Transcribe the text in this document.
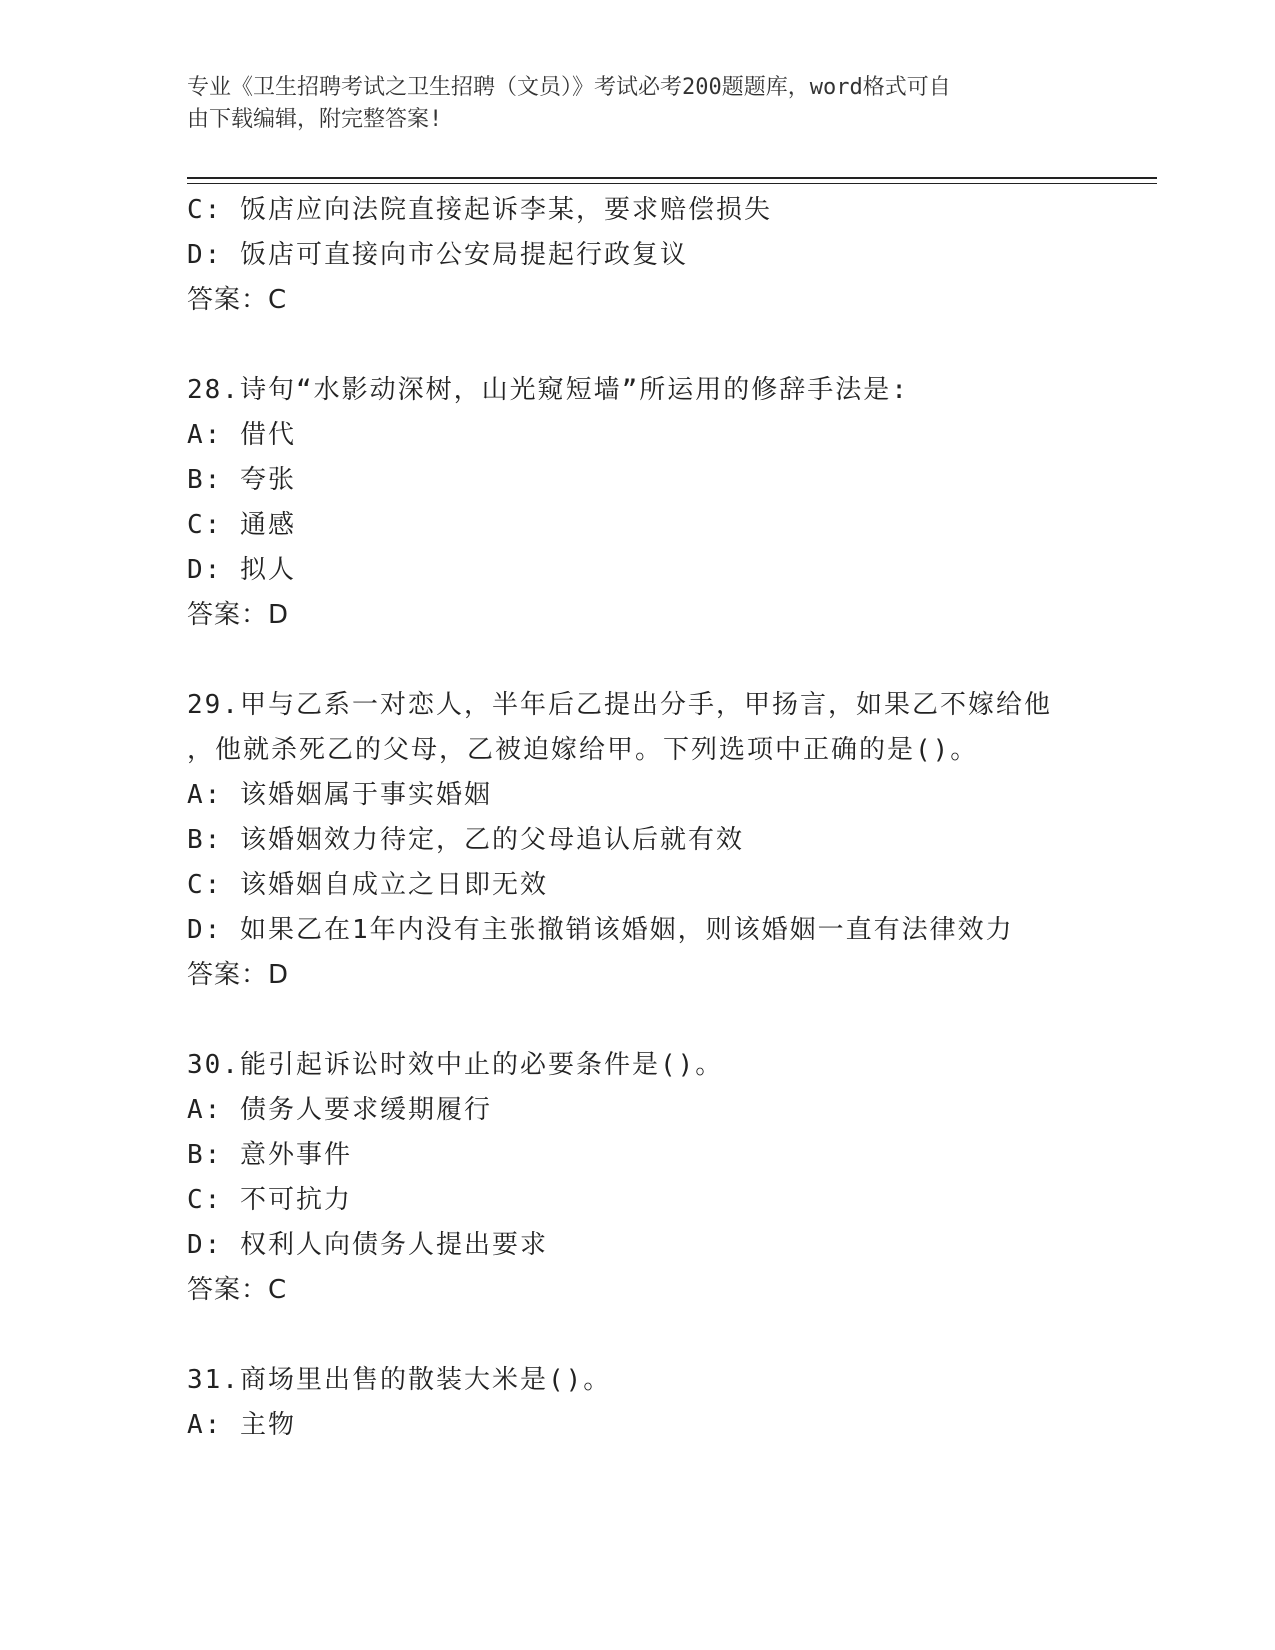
专业《卫生招聘考试之卫生招聘（文员）》考试必考200题题库，word格式可自
由下载编辑，附完整答案!
C: 饭店应向法院直接起诉李某，要求赔偿损失
D: 饭店可直接向市公安局提起行政复议
答案：C
28.诗句“水影动深树，山光窥短墙”所运用的修辞手法是:
A: 借代
B: 夸张
C: 通感
D: 拟人
答案：D
29.甲与乙系一对恋人，半年后乙提出分手，甲扬言，如果乙不嫁给他
，他就杀死乙的父母，乙被迫嫁给甲。下列选项中正确的是()。
A: 该婚姻属于事实婚姻
B: 该婚姻效力待定，乙的父母追认后就有效
C: 该婚姻自成立之日即无效
D: 如果乙在1年内没有主张撤销该婚姻，则该婚姻一直有法律效力
答案：D
30.能引起诉讼时效中止的必要条件是()。
A: 债务人要求缓期履行
B: 意外事件
C: 不可抗力
D: 权利人向债务人提出要求
答案：C
31.商场里出售的散装大米是()。
A: 主物
